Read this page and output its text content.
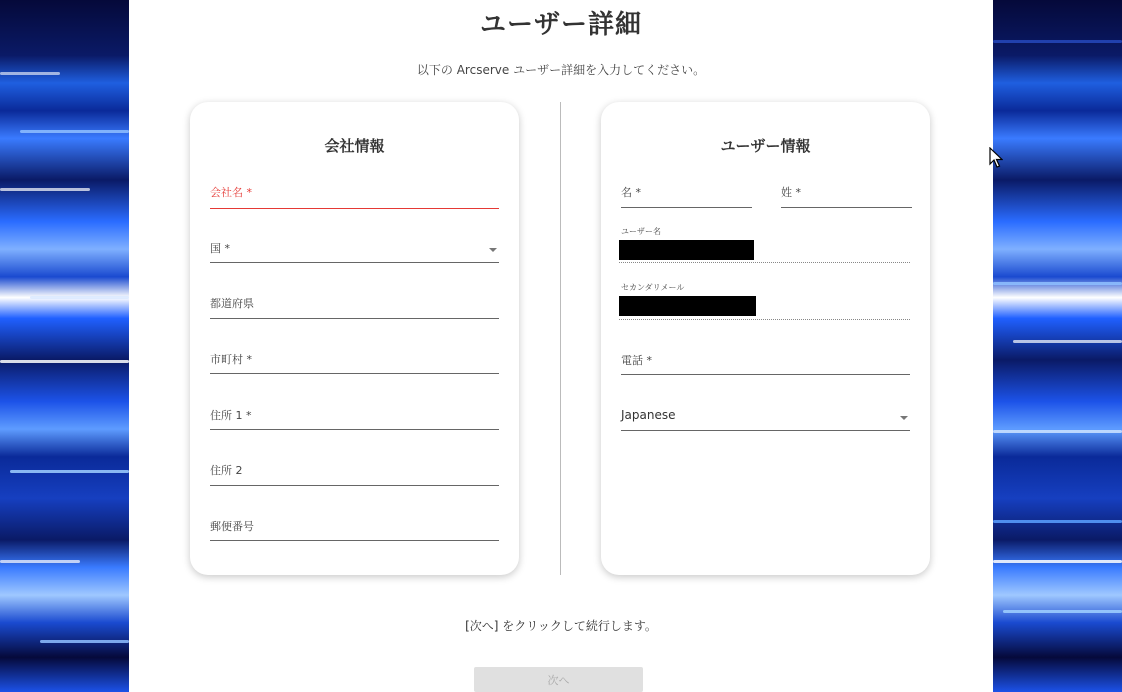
ユーザー詳細
以下の Arcserve ユーザー詳細を入力してください。
会社情報
会社名 *
国 *
都道府県
市町村 *
住所 1 *
住所 2
郵便番号
ユーザー情報
名 *	姓 *
ユーザー名
セカンダリメール
電話 *
Japanese
[次へ] をクリックして続行します。
次へ
